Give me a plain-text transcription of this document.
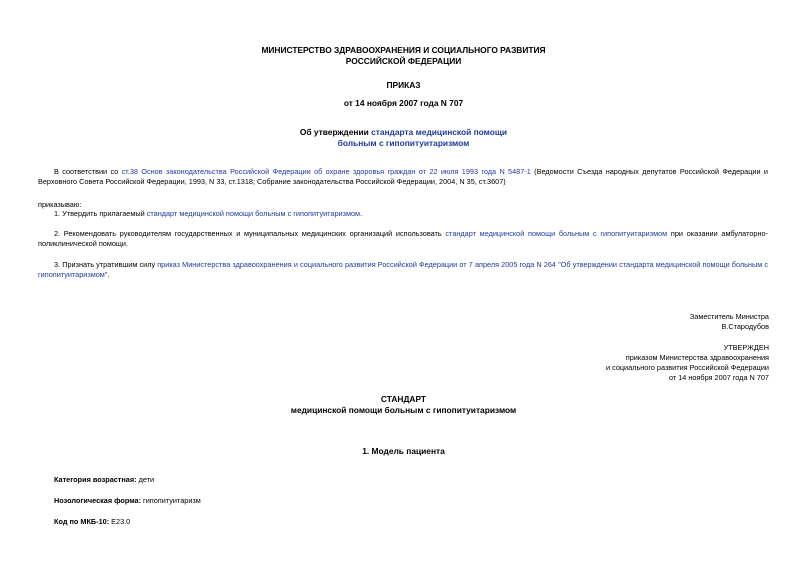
МИНИСТЕРСТВО ЗДРАВООХРАНЕНИЯ И СОЦИАЛЬНОГО РАЗВИТИЯ
РОССИЙСКОЙ ФЕДЕРАЦИИ
ПРИКАЗ
от 14 ноября 2007 года N 707
Об утверждении стандарта медицинской помощи
больным с гипопитуитаризмом

В соответствии со ст.38 Основ законодательства Российской Федерации об охране здоровья граждан от 22 июля 1993 года N 5487-1 (Ведомости Съезда народных депутатов Российской Федерации и Верховного Совета Российской Федерации, 1993, N 33, ст.1318; Собрание законодательства Российской Федерации, 2004, N 35, ст.3607)

приказываю:

1. Утвердить прилагаемый стандарт медицинской помощи больным с гипопитуитаризмом.

2. Рекомендовать руководителям государственных и муниципальных медицинских организаций использовать стандарт медицинской помощи больным с гипопитуитаризмом при оказании амбулаторно-поликлинической помощи.

3. Признать утратившим силу приказ Министерства здравоохранения и социального развития Российской Федерации от 7 апреля 2005 года N 264 "Об утверждении стандарта медицинской помощи больным с гипопитуитаризмом".

Заместитель Министра
В.Стародубов
УТВЕРЖДЕН
приказом Министерства здравоохранения
и социального развития Российской Федерации
от 14 ноября 2007 года N 707
СТАНДАРТ
медицинской помощи больным с гипопитуитаризмом
1. Модель пациента
Категория возрастная: дети
Нозологическая форма: гипопитуитаризм
Код по МКБ-10: E23.0
